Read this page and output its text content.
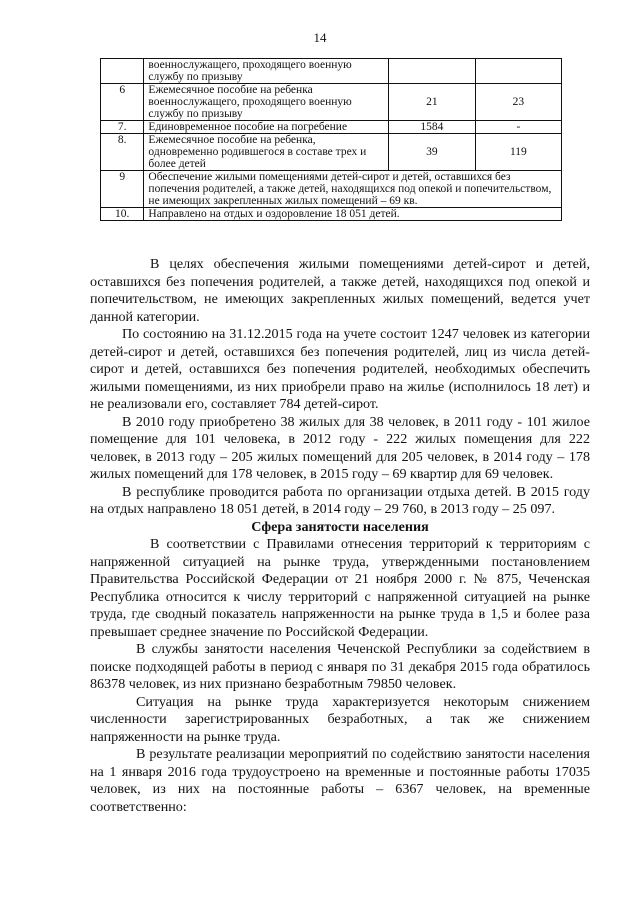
14
	военнослужащего, проходящего военную службу по призыву		
6	Ежемесячное пособие на ребенка военнослужащего, проходящего военную службу по призыву	21	23
7.	Единовременное пособие на погребение	1584	-
8.	Ежемесячное пособие на ребенка, одновременно родившегося в составе трех и более детей	39	119
9	Обеспечение жилыми помещениями детей-сирот и детей, оставшихся без попечения родителей, а также детей, находящихся под опекой и попечительством, не имеющих закрепленных жилых помещений – 69 кв.		
10.	Направлено на отдых и оздоровление 18 051 детей.		

В целях обеспечения жилыми помещениями детей-сирот и детей, оставшихся без попечения родителей, а также детей, находящихся под опекой и попечительством, не имеющих закрепленных жилых помещений, ведется учет данной категории.

По состоянию на 31.12.2015 года на учете состоит 1247 человек из категории детей-сирот и детей, оставшихся без попечения родителей, лиц из числа детей-сирот и детей, оставшихся без попечения родителей, необходимых обеспечить жилыми помещениями, из них приобрели право на жилье (исполнилось 18 лет) и не реализовали его, составляет 784 детей-сирот.

В 2010 году приобретено 38 жилых для 38 человек, в 2011 году - 101 жилое помещение для 101 человека, в 2012 году - 222 жилых помещения для 222 человек, в 2013 году – 205 жилых помещений для 205 человек, в 2014 году – 178 жилых помещений для 178 человек, в 2015 году – 69 квартир для 69 человек.

В республике проводится работа по организации отдыха детей. В 2015 году на отдых направлено 18 051 детей, в 2014 году – 29 760, в 2013 году – 25 097.

Сфера занятости населения

В соответствии с Правилами отнесения территорий к территориям с напряженной ситуацией на рынке труда, утвержденными постановлением Правительства Российской Федерации от 21 ноября 2000 г. № 875, Чеченская Республика относится к числу территорий с напряженной ситуацией на рынке труда, где сводный показатель напряженности на рынке труда в 1,5 и более раза превышает среднее значение по Российской Федерации.

В службы занятости населения Чеченской Республики за содействием в поиске подходящей работы в период с января по 31 декабря 2015 года обратилось 86378 человек, из них признано безработным 79850 человек.

Ситуация на рынке труда характеризуется некоторым снижением численности зарегистрированных безработных, а так же снижением напряженности на рынке труда.

В результате реализации мероприятий по содействию занятости населения на 1 января 2016 года трудоустроено на временные и постоянные работы 17035 человек, из них на постоянные работы – 6367 человек, на временные соответственно:
